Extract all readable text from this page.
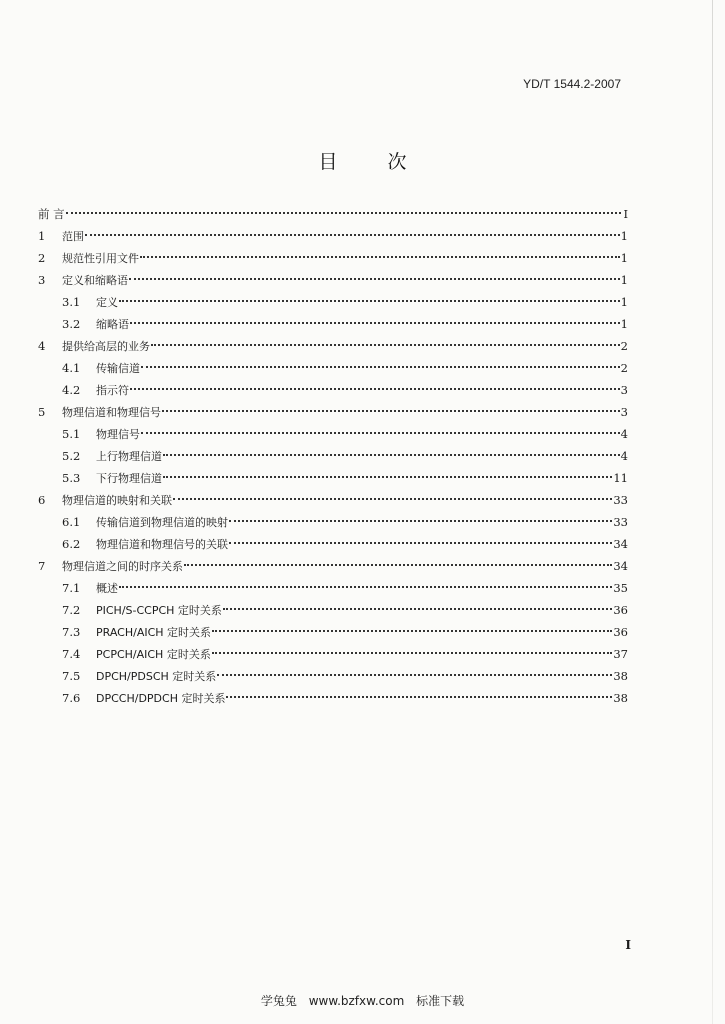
YD/T 1544.2-2007
目 次
前 言	I
1	范围	1
2	规范性引用文件	1
3	定义和缩略语	1
3.1	定义	1
3.2	缩略语	1
4	提供给高层的业务	2
4.1	传输信道	2
4.2	指示符	3
5	物理信道和物理信号	3
5.1	物理信号	4
5.2	上行物理信道	4
5.3	下行物理信道	11
6	物理信道的映射和关联	33
6.1	传输信道到物理信道的映射	33
6.2	物理信道和物理信号的关联	34
7	物理信道之间的时序关系	34
7.1	概述	35
7.2	PICH/S-CCPCH 定时关系	36
7.3	PRACH/AICH 定时关系	36
7.4	PCPCH/AICH 定时关系	37
7.5	DPCH/PDSCH 定时关系	38
7.6	DPCCH/DPDCH 定时关系	38
I
学兔兔 www.bzfxw.com 标准下载
